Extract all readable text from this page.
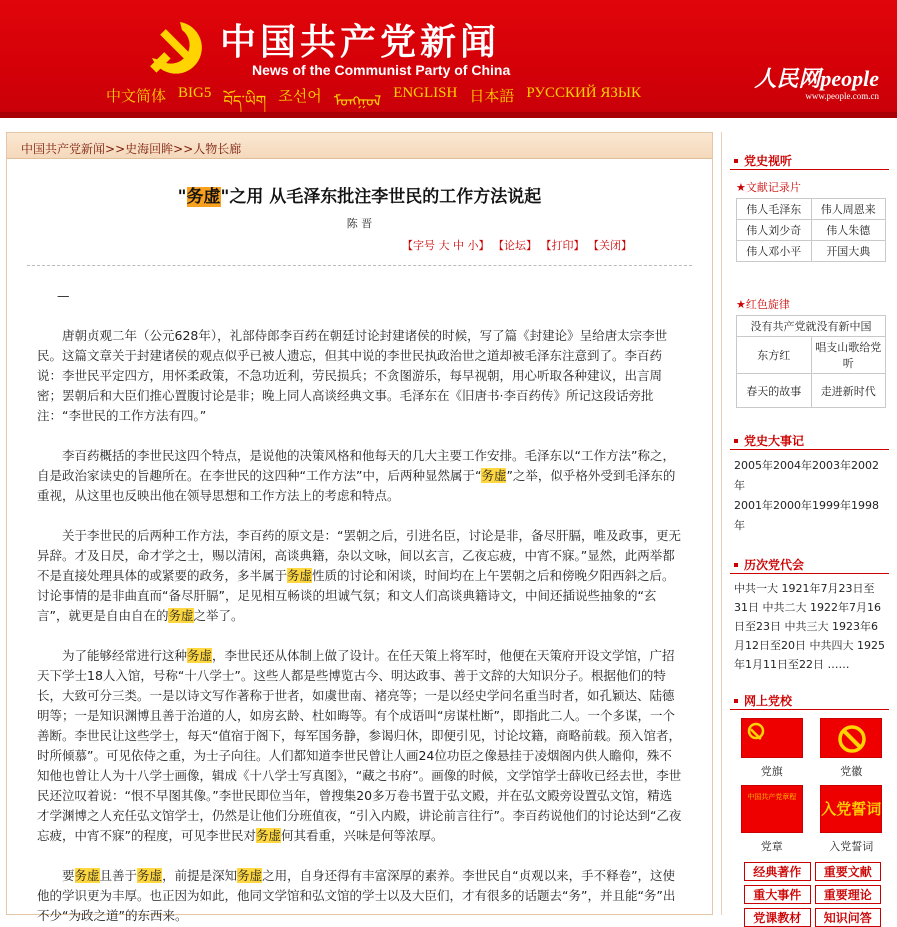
中国共产党新闻
News of the Communist Party of China
中文简体 BIG5
བོད་ཡིག 조선어 ᠮᠣᠩᠭᠣᠯ
ENGLISH 日本語 РУССКИЙ ЯЗЫК
人民网people
www.people.com.cn
中国共产党新闻>>史海回眸>>人物长廊
"务虚"之用 从毛泽东批注李世民的工作方法说起
陈 晋
【字号 大 中 小】 【论坛】 【打印】 【关闭】

—

唐朝贞观二年（公元628年），礼部侍郎李百药在朝廷讨论封建诸侯的时候，写了篇《封建论》呈给唐太宗李世民。这篇文章关于封建诸侯的观点似乎已被人遗忘，但其中说的李世民执政治世之道却被毛泽东注意到了。李百药说：李世民平定四方，用怀柔政策，不急功近利，劳民损兵；不贪图游乐，每早视朝，用心听取各种建议，出言周密；罢朝后和大臣们推心置腹讨论是非；晚上同人高谈经典文事。毛泽东在《旧唐书·李百药传》所记这段话旁批注：“李世民的工作方法有四。”

李百药概括的李世民这四个特点，是说他的决策风格和他每天的几大主要工作安排。毛泽东以“工作方法”称之，自是政治家读史的旨趣所在。在李世民的这四种“工作方法”中，后两种显然属于“务虚”之举，似乎格外受到毛泽东的重视，从这里也反映出他在领导思想和工作方法上的考虑和特点。

关于李世民的后两种工作方法，李百药的原文是：“罢朝之后，引进名臣，讨论是非，备尽肝膈，唯及政事，更无异辞。才及日昃，命才学之士，赐以清闲，高谈典籍，杂以文咏，间以玄言，乙夜忘疲，中宵不寐。”显然，此两举都不是直接处理具体的或紧要的政务，多半属于务虚性质的讨论和闲谈，时间均在上午罢朝之后和傍晚夕阳西斜之后。讨论事情的是非曲直而“备尽肝膈”，足见相互畅谈的坦诚气氛；和文人们高谈典籍诗文，中间还插说些抽象的“玄言”，就更是自由自在的务虚之举了。

为了能够经常进行这种务虚，李世民还从体制上做了设计。在任天策上将军时，他便在天策府开设文学馆，广招天下学士18人入馆，号称“十八学士”。这些人都是些博览古今、明达政事、善于文辞的大知识分子。根据他们的特长，大致可分三类。一是以诗文写作著称于世者，如虞世南、褚亮等；一是以经史学问名重当时者，如孔颖达、陆德明等；一是知识渊博且善于治道的人，如房玄龄、杜如晦等。有个成语叫“房谋杜断”，即指此二人。一个多谋，一个善断。李世民让这些学士，每天“值宿于阁下，每军国务静，参谒归休，即便引见，讨论坟籍，商略前载。预入馆者，时所倾慕”。可见依侍之重，为士子向往。人们都知道李世民曾让人画24位功臣之像悬挂于凌烟阁内供人瞻仰，殊不知他也曾让人为十八学士画像，辑成《十八学士写真图》，“藏之书府”。画像的时候，文学馆学士薛收已经去世，李世民还泣叹着说：“恨不早图其像。”李世民即位当年，曾搜集20多万卷书置于弘文殿，并在弘文殿旁设置弘文馆，精选才学渊博之人充任弘文馆学士，仍然是让他们分班值夜，“引入内殿，讲论前言往行”。李百药说他们的讨论达到“乙夜忘疲，中宵不寐”的程度，可见李世民对务虚何其看重，兴味是何等浓厚。

要务虚且善于务虚，前提是深知务虚之用，自身还得有丰富深厚的素养。李世民自“贞观以来，手不释卷”，这使他的学识更为丰厚。也正因为如此，他同文学馆和弘文馆的学士以及大臣们，才有很多的话题去“务”，并且能“务”出不少“为政之道”的东西来。

党史视听
★文献记录片
伟人毛泽东	伟人周恩来
伟人刘少奇	伟人朱德
伟人邓小平	开国大典
★红色旋律
没有共产党就没有新中国	
东方红	唱支山歌给党听
春天的故事	走进新时代
党史大事记
2005年2004年2003年2002年
2001年2000年1999年1998年
历次党代会
中共一大 1921年7月23日至31日 中共二大 1922年7月16日至23日 中共三大 1923年6月12日至20日 中共四大 1925年1月11日至22日 ……
网上党校
党旗	党徽
中国共产党章程
党章
入党誓词
入党誓词
经典著作	重要文献
重大事件	重要理论
党课教材	知识问答
